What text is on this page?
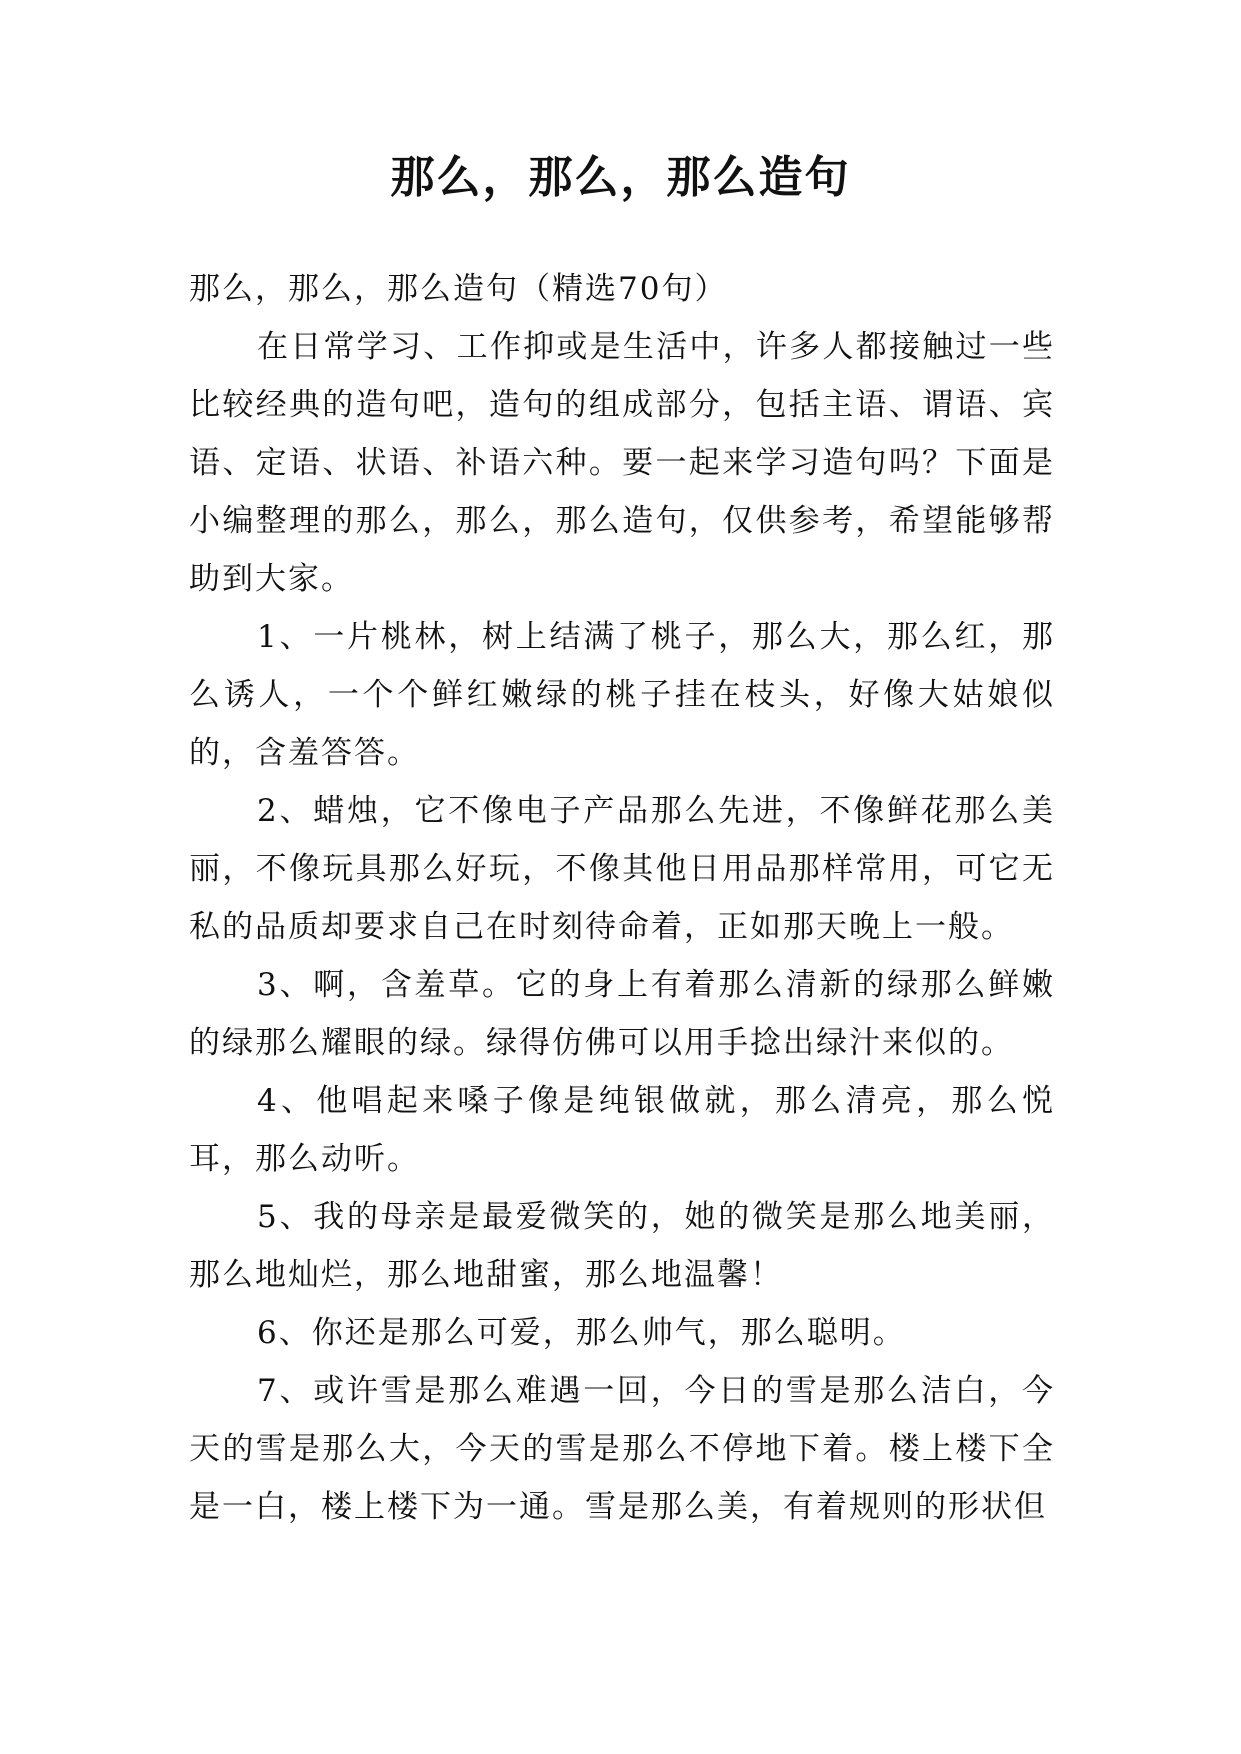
那么，那么，那么造句

那么，那么，那么造句（精选70句）

在日常学习、工作抑或是生活中，许多人都接触过一些比较经典的造句吧，造句的组成部分，包括主语、谓语、宾语、定语、状语、补语六种。要一起来学习造句吗？下面是小编整理的那么，那么，那么造句，仅供参考，希望能够帮助到大家。

1、一片桃林，树上结满了桃子，那么大，那么红，那么诱人，一个个鲜红嫩绿的桃子挂在枝头，好像大姑娘似的，含羞答答。

2、蜡烛，它不像电子产品那么先进，不像鲜花那么美丽，不像玩具那么好玩，不像其他日用品那样常用，可它无私的品质却要求自己在时刻待命着，正如那天晚上一般。

3、啊，含羞草。它的身上有着那么清新的绿那么鲜嫩的绿那么耀眼的绿。绿得仿佛可以用手捻出绿汁来似的。

4、他唱起来嗓子像是纯银做就，那么清亮，那么悦耳，那么动听。

5、我的母亲是最爱微笑的，她的微笑是那么地美丽，那么地灿烂，那么地甜蜜，那么地温馨！

6、你还是那么可爱，那么帅气，那么聪明。

7、或许雪是那么难遇一回，今日的雪是那么洁白，今天的雪是那么大，今天的雪是那么不停地下着。楼上楼下全是一白，楼上楼下为一通。雪是那么美，有着规则的形状但
